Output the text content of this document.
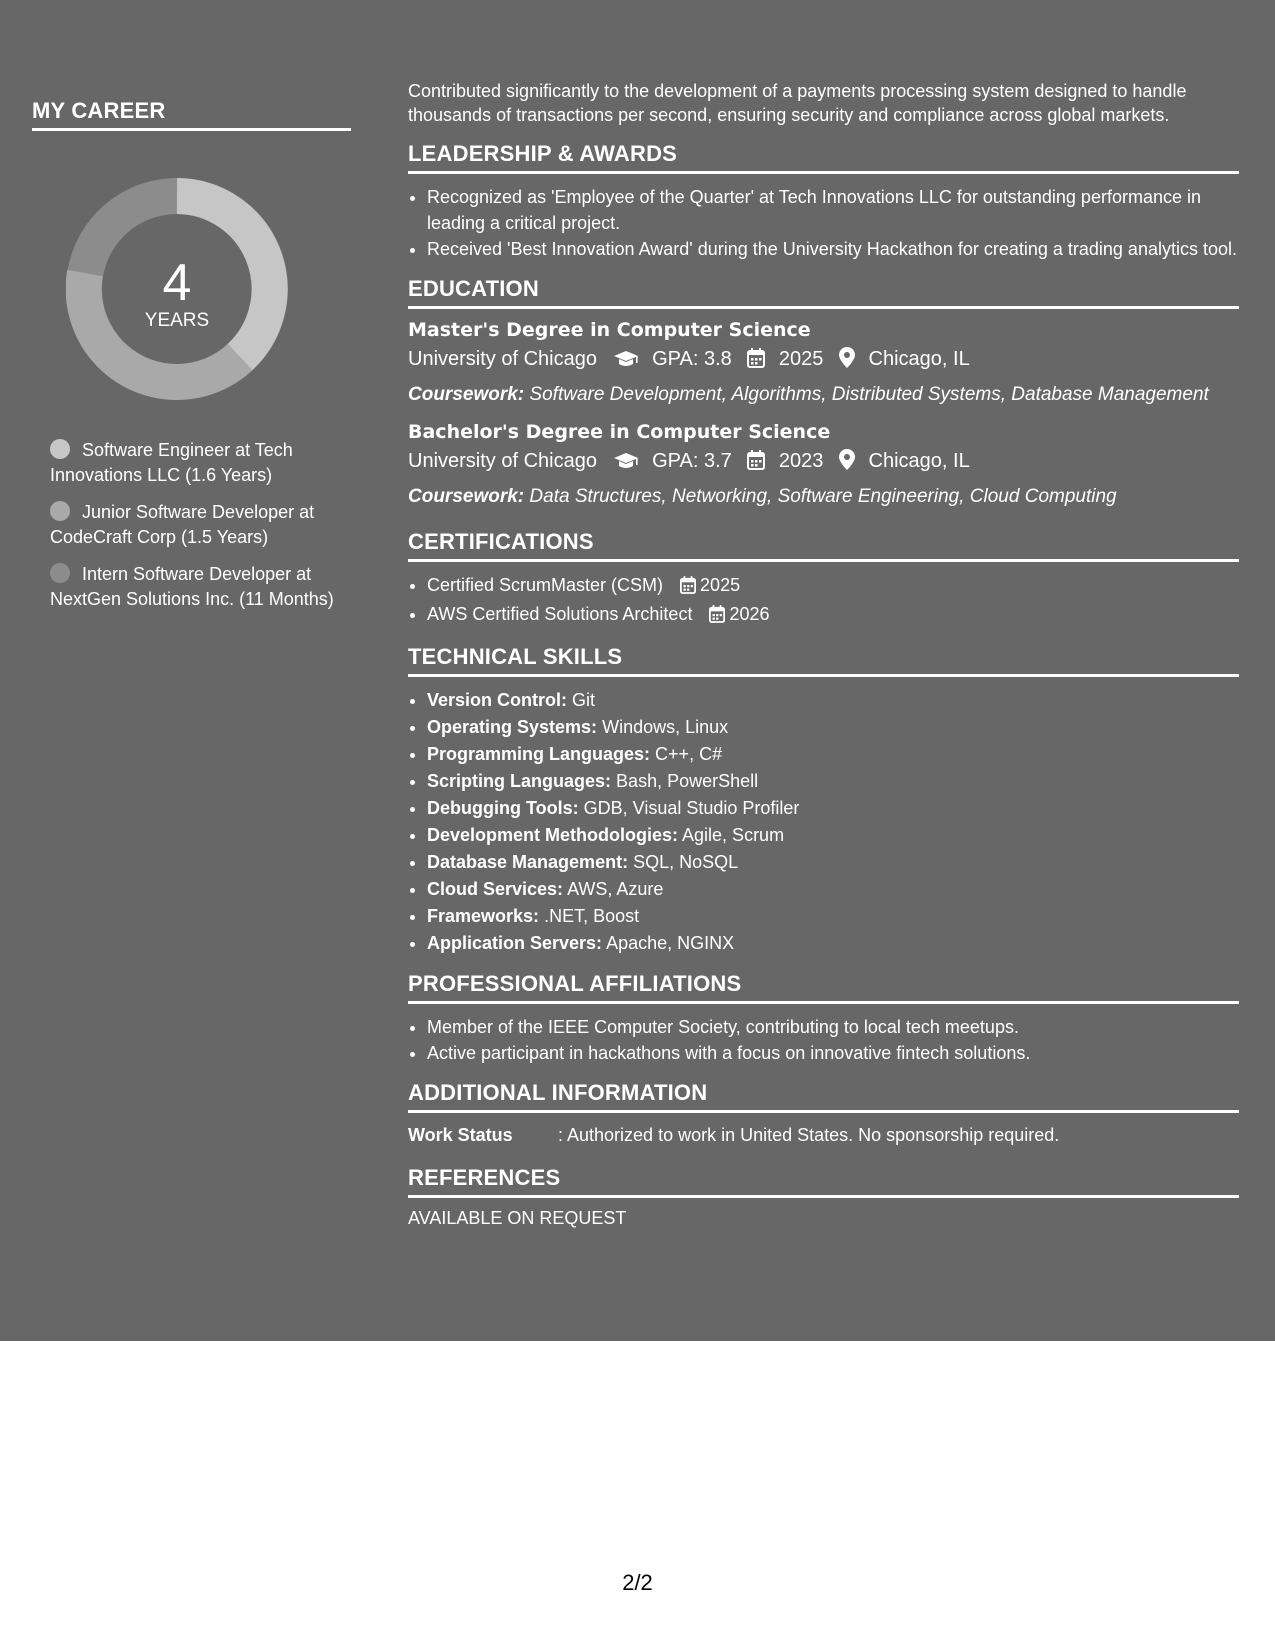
MY CAREER
4
YEARS
Software Engineer at Tech Innovations LLC (1.6 Years)
Junior Software Developer at CodeCraft Corp (1.5 Years)
Intern Software Developer at NextGen Solutions Inc. (11 Months)

Contributed significantly to the development of a payments processing system designed to handle thousands of transactions per second, ensuring security and compliance across global markets.

LEADERSHIP & AWARDS
• Recognized as 'Employee of the Quarter' at Tech Innovations LLC for outstanding performance in leading a critical project.
• Received 'Best Innovation Award' during the University Hackathon for creating a trading analytics tool.
EDUCATION
Master's Degree in Computer Science
University of Chicago	GPA: 3.8 2025 Chicago, IL
Coursework: Software Development, Algorithms, Distributed Systems, Database Management
Bachelor's Degree in Computer Science
University of Chicago	GPA: 3.7 2023 Chicago, IL
Coursework: Data Structures, Networking, Software Engineering, Cloud Computing
CERTIFICATIONS
• Certified ScrumMaster (CSM) 2025
• AWS Certified Solutions Architect 2026
TECHNICAL SKILLS
• Version Control: Git
• Operating Systems: Windows, Linux
• Programming Languages: C++, C#
• Scripting Languages: Bash, PowerShell
• Debugging Tools: GDB, Visual Studio Profiler
• Development Methodologies: Agile, Scrum
• Database Management: SQL, NoSQL
• Cloud Services: AWS, Azure
• Frameworks: .NET, Boost
• Application Servers: Apache, NGINX
PROFESSIONAL AFFILIATIONS
• Member of the IEEE Computer Society, contributing to local tech meetups.
• Active participant in hackathons with a focus on innovative fintech solutions.
ADDITIONAL INFORMATION
Work Status	: Authorized to work in United States. No sponsorship required.
REFERENCES
AVAILABLE ON REQUEST
2/2
